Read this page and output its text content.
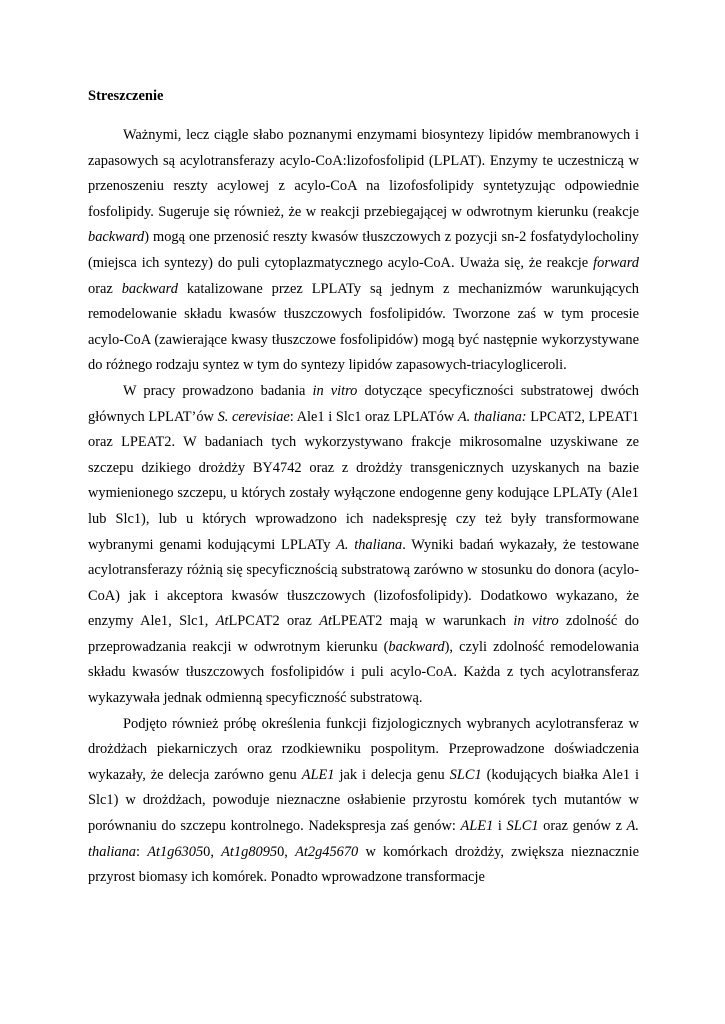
Streszczenie

Ważnymi, lecz ciągle słabo poznanymi enzymami biosyntezy lipidów membranowych i zapasowych są acylotransferazy acylo-CoA:lizofosfolipid (LPLAT). Enzymy te uczestniczą w przenoszeniu reszty acylowej z acylo-CoA na lizofosfolipidy syntetyzując odpowiednie fosfolipidy. Sugeruje się również, że w reakcji przebiegającej w odwrotnym kierunku (reakcje backward) mogą one przenosić reszty kwasów tłuszczowych z pozycji sn-2 fosfatydylocholiny (miejsca ich syntezy) do puli cytoplazmatycznego acylo-CoA. Uważa się, że reakcje forward oraz backward katalizowane przez LPLATy są jednym z mechanizmów warunkujących remodelowanie składu kwasów tłuszczowych fosfolipidów. Tworzone zaś w tym procesie acylo-CoA (zawierające kwasy tłuszczowe fosfolipidów) mogą być następnie wykorzystywane do różnego rodzaju syntez w tym do syntezy lipidów zapasowych-triacyloglicerolі.

W pracy prowadzono badania in vitro dotyczące specyficzności substratowej dwóch głównych LPLAT’ów S. cerevisiae: Ale1 i Slc1 oraz LPLATów A. thaliana: LPCAT2, LPEAT1 oraz LPEAT2. W badaniach tych wykorzystywano frakcje mikrosomalne uzyskiwane ze szczepu dzikiego drożdży BY4742 oraz z drożdży transgenicznych uzyskanych na bazie wymienionego szczepu, u których zostały wyłączone endogenne geny kodujące LPLATy (Ale1 lub Slc1), lub u których wprowadzono ich nadekspresję czy też były transformowane wybranymi genami kodującymi LPLATy A. thaliana. Wyniki badań wykazały, że testowane acylotransferazy różnią się specyficznością substratową zarówno w stosunku do donora (acylo-CoA) jak i akceptora kwasów tłuszczowych (lizofosfolipidy). Dodatkowo wykazano, że enzymy Ale1, Slc1, AtLPCAT2 oraz AtLPEAT2 mają w warunkach in vitro zdolność do przeprowadzania reakcji w odwrotnym kierunku (backward), czyli zdolność remodelowania składu kwasów tłuszczowych fosfolipidów i puli acylo-CoA. Każda z tych acylotransferaz wykazywała jednak odmienną specyficzność substratową.

Podjęto również próbę określenia funkcji fizjologicznych wybranych acylotransferaz w drożdżach piekarniczych oraz rzodkiewniku pospolitym. Przeprowadzone doświadczenia wykazały, że delecja zarówno genu ALE1 jak i delecja genu SLC1 (kodujących białka Ale1 i Slc1) w drożdżach, powoduje nieznaczne osłabienie przyrostu komórek tych mutantów w porównaniu do szczepu kontrolnego. Nadekspresja zaś genów: ALE1 i SLC1 oraz genów z A. thaliana: At1g63050, At1g80950, At2g45670 w komórkach drożdży, zwiększa nieznacznie przyrost biomasy ich komórek. Ponadto wprowadzone transformacje
